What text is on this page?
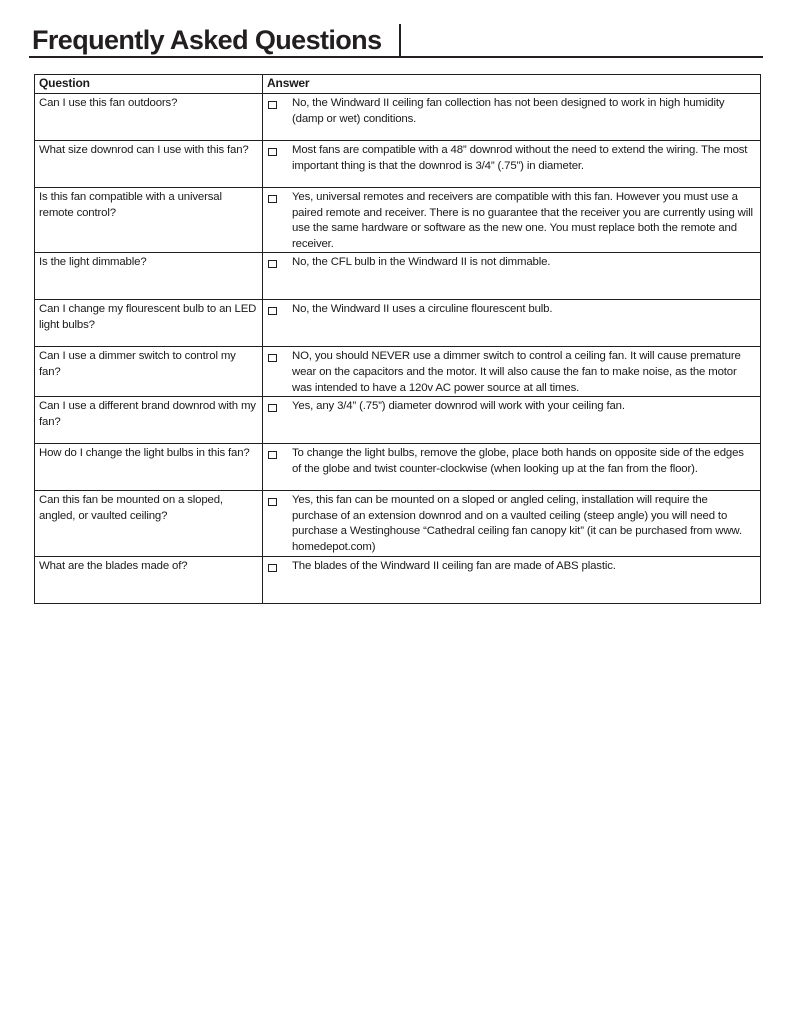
Frequently Asked Questions
Question	Answer
Can I use this fan outdoors?	No, the Windward II ceiling fan collection has not been designed to work in high humidity (damp or wet) conditions.

What size downrod can I use with this fan?	Most fans are compatible with a 48” downrod without the need to extend the wiring. The most important thing is that the downrod is 3/4” (.75”) in diameter.

Is this fan compatible with a universal remote control?	Yes, universal remotes and receivers are compatible with this fan. However you must use a paired remote and receiver. There is no guarantee that the receiver you are currently using will use the same hardware or software as the new one. You must replace both the remote and receiver.

Is the light dimmable?	No, the CFL bulb in the Windward II is not dimmable.

Can I change my flourescent bulb to an LED light bulbs?	No, the Windward II uses a circuline flourescent bulb.

Can I use a dimmer switch to control my fan?	NO, you should NEVER use a dimmer switch to control a ceiling fan. It will cause premature wear on the capacitors and the motor. It will also cause the fan to make noise, as the motor was intended to have a 120v AC power source at all times.

Can I use a different brand downrod with my fan?	Yes, any 3/4” (.75”) diameter downrod will work with your ceiling fan.

How do I change the light bulbs in this fan?	To change the light bulbs, remove the globe, place both hands on opposite side of the edges of the globe and twist counter-clockwise (when looking up at the fan from the floor).

Can this fan be mounted on a sloped, angled, or vaulted ceiling?	Yes, this fan can be mounted on a sloped or angled celing, installation will require the purchase of an extension downrod and on a vaulted ceiling (steep angle) you will need to purchase a Westinghouse “Cathedral ceiling fan canopy kit” (it can be purchased from www. homedepot.com)

What are the blades made of?	The blades of the Windward II ceiling fan are made of ABS plastic.
